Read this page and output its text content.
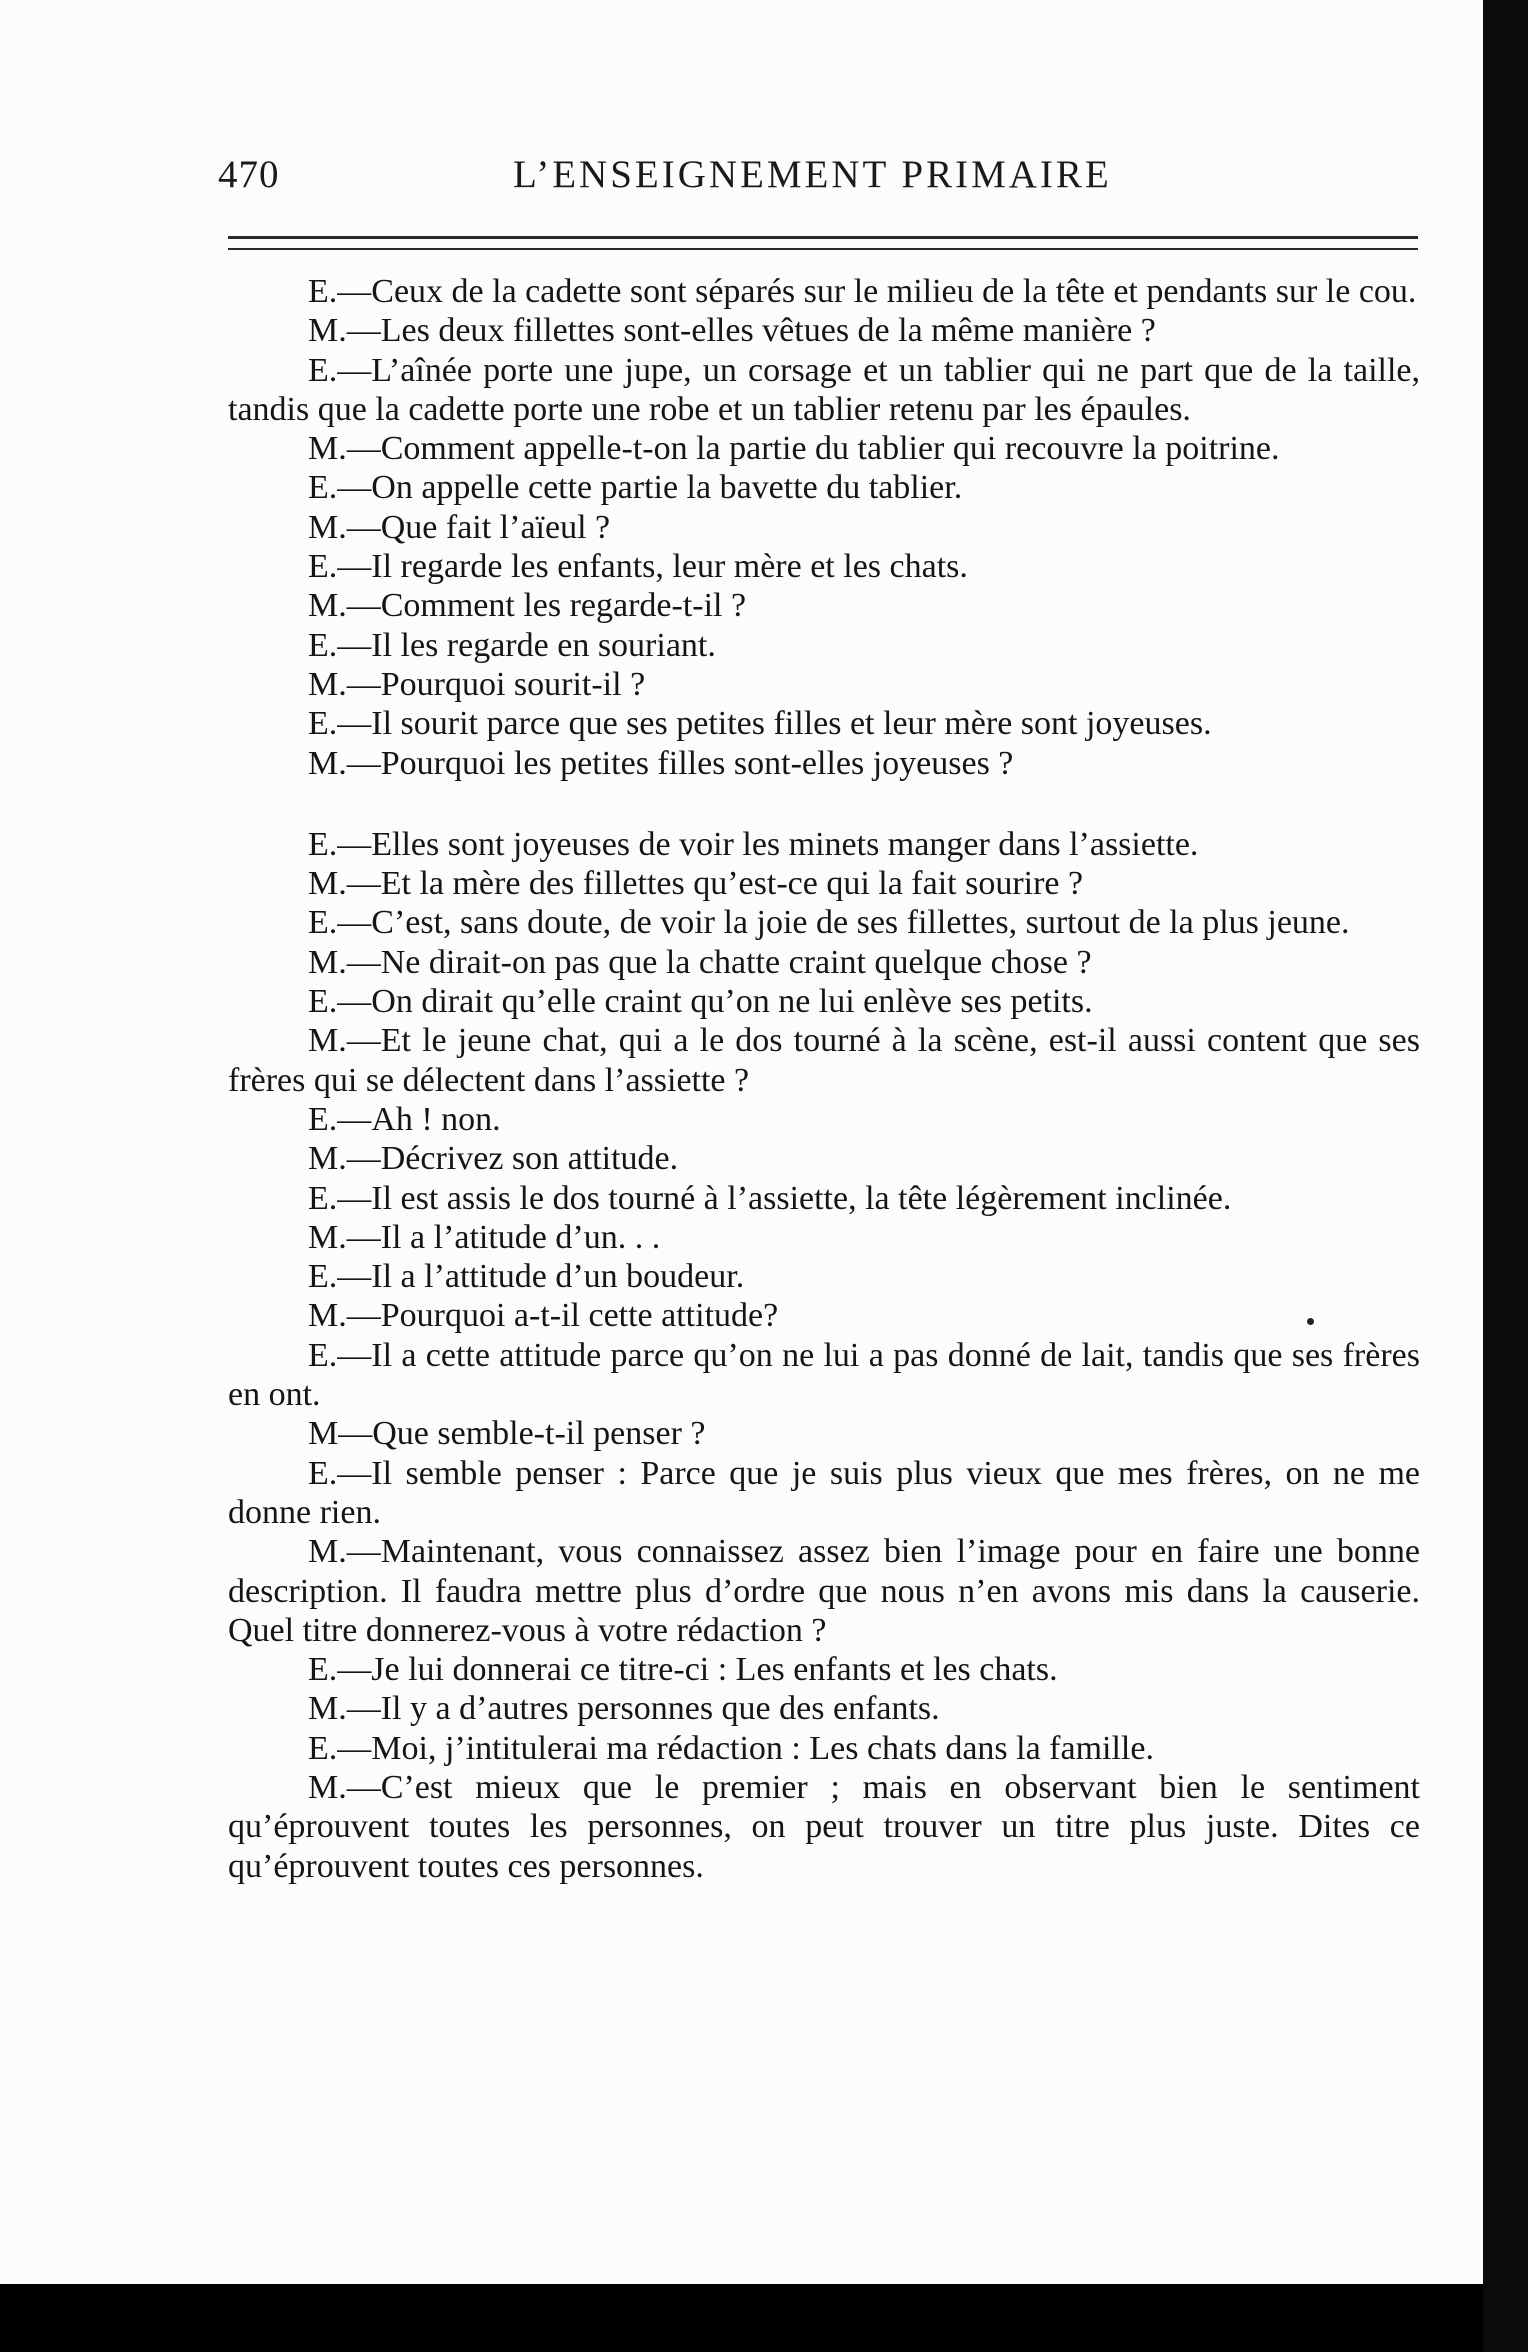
470	L’ENSEIGNEMENT PRIMAIRE

E.—Ceux de la cadette sont séparés sur le milieu de la tête et pendants sur le cou.

M.—Les deux fillettes sont-elles vêtues de la même manière ?

E.—L’aînée porte une jupe, un corsage et un tablier qui ne part que de la taille, tandis que la cadette porte une robe et un tablier retenu par les épaules.

M.—Comment appelle-t-on la partie du tablier qui recouvre la poitrine.

E.—On appelle cette partie la bavette du tablier.

M.—Que fait l’aïeul ?

E.—Il regarde les enfants, leur mère et les chats.

M.—Comment les regarde-t-il ?

E.—Il les regarde en souriant.

M.—Pourquoi sourit-il ?

E.—Il sourit parce que ses petites filles et leur mère sont joyeuses.

M.—Pourquoi les petites filles sont-elles joyeuses ?

E.—Elles sont joyeuses de voir les minets manger dans l’assiette.

M.—Et la mère des fillettes qu’est-ce qui la fait sourire ?

E.—C’est, sans doute, de voir la joie de ses fillettes, surtout de la plus jeune.

M.—Ne dirait-on pas que la chatte craint quelque chose ?

E.—On dirait qu’elle craint qu’on ne lui enlève ses petits.

M.—Et le jeune chat, qui a le dos tourné à la scène, est-il aussi content que ses frères qui se délectent dans l’assiette ?

E.—Ah ! non.

M.—Décrivez son attitude.

E.—Il est assis le dos tourné à l’assiette, la tête légèrement inclinée.

M.—Il a l’atitude d’un. . .

E.—Il a l’attitude d’un boudeur.

M.—Pourquoi a-t-il cette attitude?

E.—Il a cette attitude parce qu’on ne lui a pas donné de lait, tandis que ses frères en ont.

M—Que semble-t-il penser ?

E.—Il semble penser : Parce que je suis plus vieux que mes frères, on ne me donne rien.

M.—Maintenant, vous connaissez assez bien l’image pour en faire une bonne description. Il faudra mettre plus d’ordre que nous n’en avons mis dans la causerie. Quel titre donnerez-vous à votre rédaction ?

E.—Je lui donnerai ce titre-ci : Les enfants et les chats.

M.—Il y a d’autres personnes que des enfants.

E.—Moi, j’intitulerai ma rédaction : Les chats dans la famille.

M.—C’est mieux que le premier ; mais en observant bien le sentiment qu’éprouvent toutes les personnes, on peut trouver un titre plus juste. Dites ce qu’éprouvent toutes ces personnes.
